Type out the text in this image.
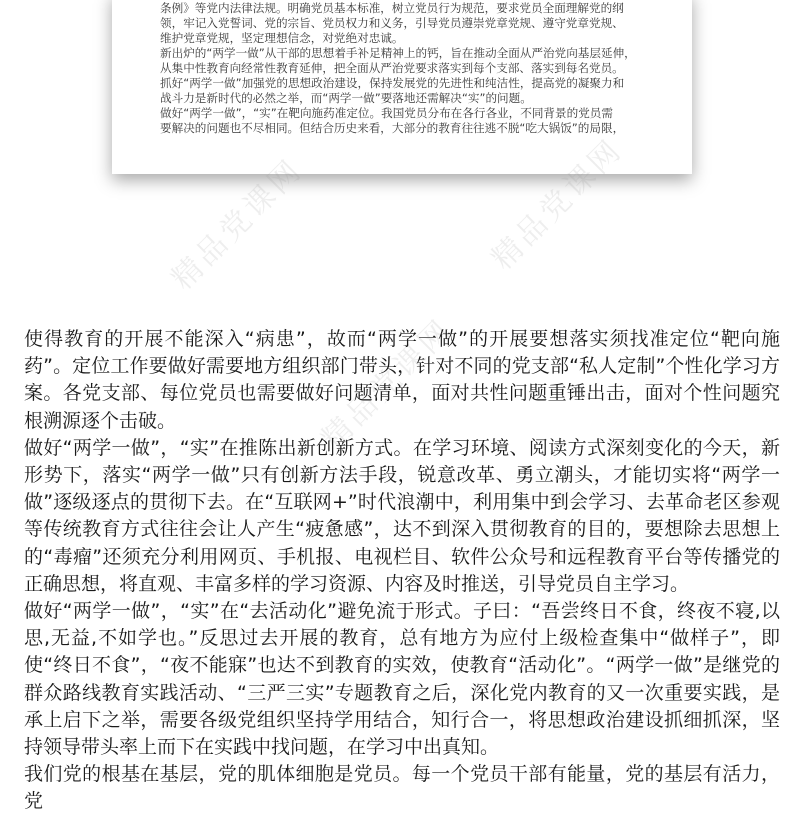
条例》等党内法律法规。明确党员基本标准，树立党员行为规范，要求党员全面理解党的纲

领，牢记入党誓词、党的宗旨、党员权力和义务，引导党员遵崇党章党规、遵守党章党规、

维护党章党规，坚定理想信念，对党绝对忠诚。

新出炉的“两学一做”从干部的思想着手补足精神上的钙，旨在推动全面从严治党向基层延伸，

从集中性教育向经常性教育延伸，把全面从严治党要求落实到每个支部、落实到每名党员。

抓好“两学一做”加强党的思想政治建设，保持发展党的先进性和纯洁性，提高党的凝聚力和

战斗力是新时代的必然之举，而“两学一做”要落地还需解决“实”的问题。

做好“两学一做”，“实”在靶向施药准定位。我国党员分布在各行各业，不同背景的党员需

要解决的问题也不尽相同。但结合历史来看，大部分的教育往往逃不脱“吃大锅饭”的局限，

精品党课网
精品党课网
精品党课网

使得教育的开展不能深入“病患”，故而“两学一做”的开展要想落实须找准定位“靶向施药”。定位工作要做好需要地方组织部门带头，针对不同的党支部“私人定制”个性化学习方案。各党支部、每位党员也需要做好问题清单，面对共性问题重锤出击，面对个性问题究根溯源逐个击破。

做好“两学一做”，“实”在推陈出新创新方式。在学习环境、阅读方式深刻变化的今天，新形势下，落实“两学一做”只有创新方法手段，锐意改革、勇立潮头，才能切实将“两学一做”逐级逐点的贯彻下去。在“互联网+”时代浪潮中，利用集中到会学习、去革命老区参观等传统教育方式往往会让人产生“疲惫感”，达不到深入贯彻教育的目的，要想除去思想上的“毒瘤”还须充分利用网页、手机报、电视栏目、软件公众号和远程教育平台等传播党的正确思想，将直观、丰富多样的学习资源、内容及时推送，引导党员自主学习。

做好“两学一做”，“实”在“去活动化”避免流于形式。子曰：“吾尝终日不食，终夜不寝,以思,无益,不如学也。”反思过去开展的教育，总有地方为应付上级检查集中“做样子”，即使“终日不食”，“夜不能寐”也达不到教育的实效，使教育“活动化”。“两学一做”是继党的群众路线教育实践活动、“三严三实”专题教育之后，深化党内教育的又一次重要实践，是承上启下之举，需要各级党组织坚持学用结合，知行合一，将思想政治建设抓细抓深，坚持领导带头率上而下在实践中找问题，在学习中出真知。

我们党的根基在基层，党的肌体细胞是党员。每一个党员干部有能量，党的基层有活力，党
